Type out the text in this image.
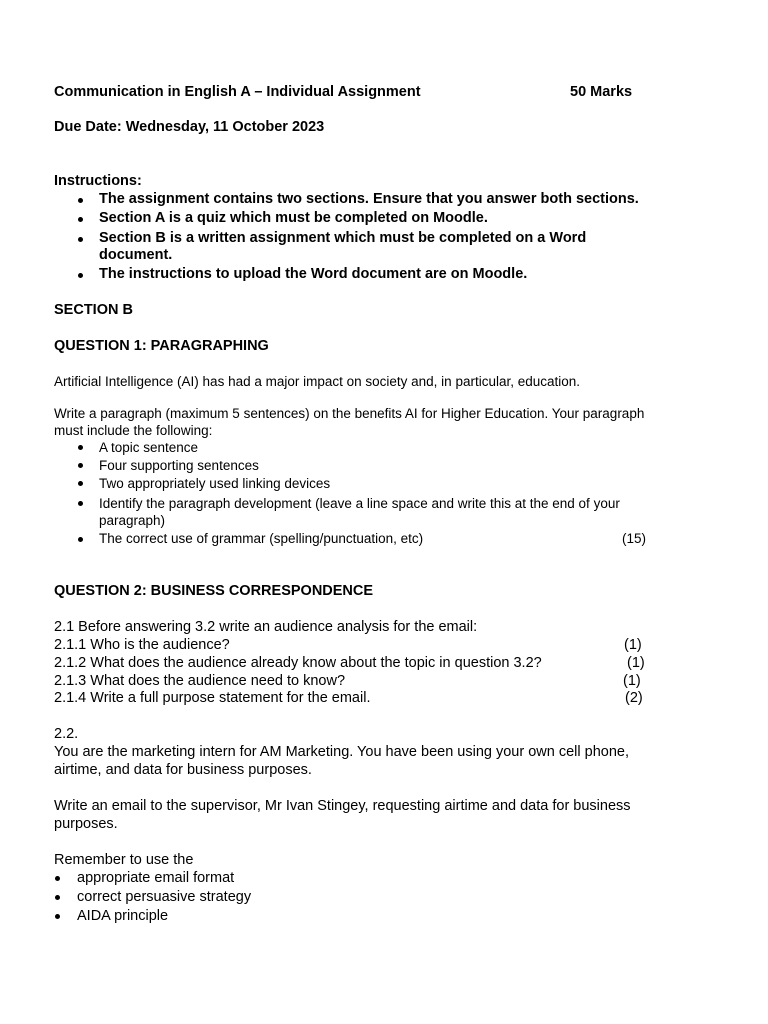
Communication in English A – Individual Assignment	50 Marks
Due Date: Wednesday, 11 October 2023
Instructions:
The assignment contains two sections. Ensure that you answer both sections.
Section A is a quiz which must be completed on Moodle.
Section B is a written assignment which must be completed on a Word
document.
The instructions to upload the Word document are on Moodle.
SECTION B
QUESTION 1: PARAGRAPHING
Artificial Intelligence (AI) has had a major impact on society and, in particular, education.
Write a paragraph (maximum 5 sentences) on the benefits AI for Higher Education. Your paragraph
must include the following:
A topic sentence
Four supporting sentences
Two appropriately used linking devices
Identify the paragraph development (leave a line space and write this at the end of your
paragraph)
The correct use of grammar (spelling/punctuation, etc)	(15)
QUESTION 2: BUSINESS CORRESPONDENCE
2.1 Before answering 3.2 write an audience analysis for the email:
2.1.1 Who is the audience?	(1)
2.1.2 What does the audience already know about the topic in question 3.2?	(1)
2.1.3 What does the audience need to know?	(1)
2.1.4 Write a full purpose statement for the email.	(2)
2.2.
You are the marketing intern for AM Marketing. You have been using your own cell phone,
airtime, and data for business purposes.
Write an email to the supervisor, Mr Ivan Stingey, requesting airtime and data for business
purposes.
Remember to use the
appropriate email format
correct persuasive strategy
AIDA principle
